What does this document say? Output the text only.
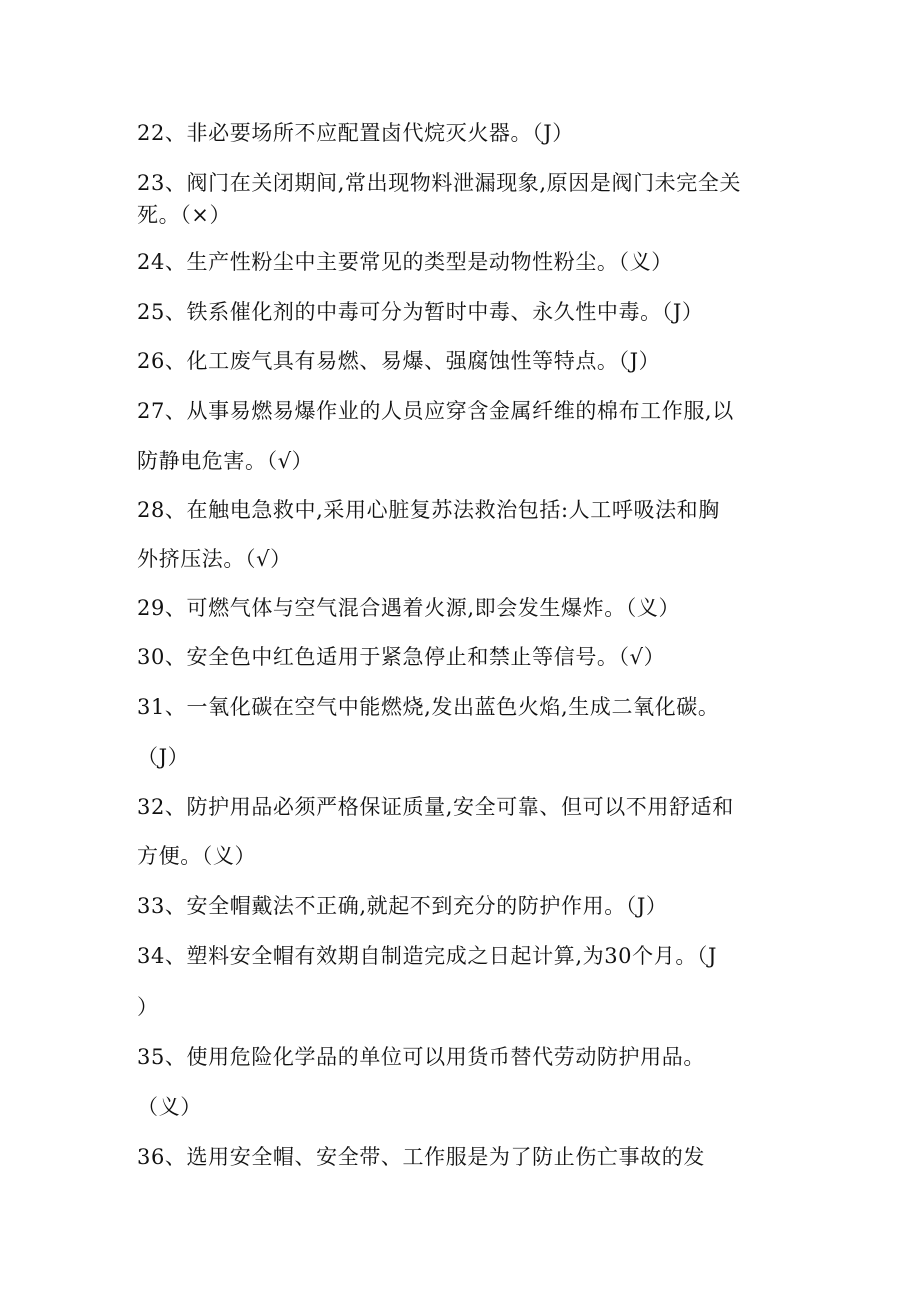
22、非必要场所不应配置卤代烷灭火器。（J）
23、阀门在关闭期间,常出现物料泄漏现象,原因是阀门未完全关
死。（×）
24、生产性粉尘中主要常见的类型是动物性粉尘。（义）
25、铁系催化剂的中毒可分为暂时中毒、永久性中毒。（J）
26、化工废气具有易燃、易爆、强腐蚀性等特点。（J）
27、从事易燃易爆作业的人员应穿含金属纤维的棉布工作服,以
防静电危害。（√）
28、在触电急救中,采用心脏复苏法救治包括:人工呼吸法和胸
外挤压法。（√）
29、可燃气体与空气混合遇着火源,即会发生爆炸。（义）
30、安全色中红色适用于紧急停止和禁止等信号。（√）
31、一氧化碳在空气中能燃烧,发出蓝色火焰,生成二氧化碳。
（J）
32、防护用品必须严格保证质量,安全可靠、但可以不用舒适和
方便。（义）
33、安全帽戴法不正确,就起不到充分的防护作用。（J）
34、塑料安全帽有效期自制造完成之日起计算,为30个月。（J
）
35、使用危险化学品的单位可以用货币替代劳动防护用品。
（义）
36、选用安全帽、安全带、工作服是为了防止伤亡事故的发
